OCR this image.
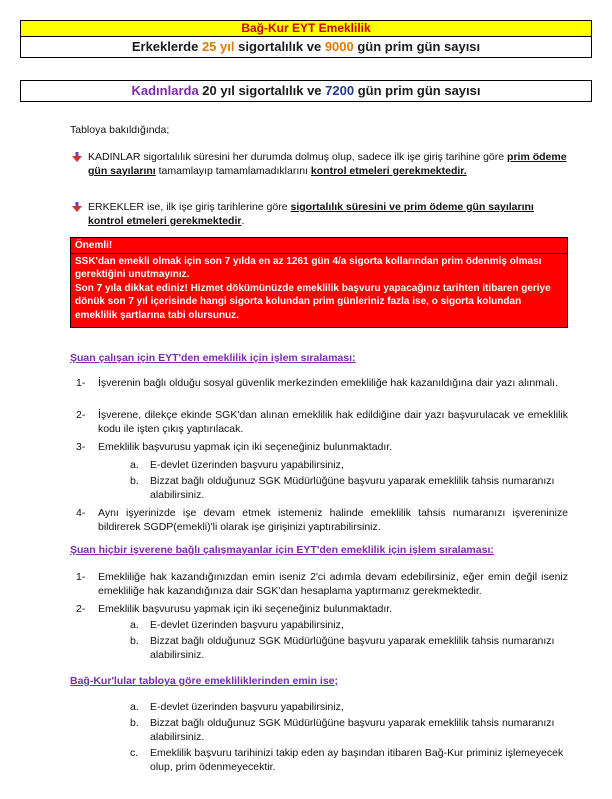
Bağ-Kur EYT Emeklilik
Erkeklerde 25 yıl sigortalılık ve 9000 gün prim gün sayısı
Kadınlarda 20 yıl sigortalılık ve 7200 gün prim gün sayısı
Tabloya bakıldığında;
KADINLAR sigortalılık süresini her durumda dolmuş olup, sadece ilk işe giriş tarihine göre prim ödeme gün sayılarını tamamlayıp tamamlamadıklarını kontrol etmeleri gerekmektedir.
ERKEKLER ise, ilk işe giriş tarihlerine göre sigortalılık süresini ve prim ödeme gün sayılarını kontrol etmeleri gerekmektedir.
Önemli!
SSK'dan emekli olmak için son 7 yılda en az 1261 gün 4/a sigorta kollarından prim ödenmiş olması gerektiğini unutmayınız.
Son 7 yıla dikkat ediniz! Hizmet dökümünüzde emeklilik başvuru yapacağınız tarihten itibaren geriye dönük son 7 yıl içerisinde hangi sigorta kolundan prim günleriniz fazla ise, o sigorta kolundan emeklilik şartlarına tabi olursunuz.
Şuan çalışan için EYT'den emeklilik için işlem sıralaması:
1- İşverenin bağlı olduğu sosyal güvenlik merkezinden emekliliğe hak kazanıldığına dair yazı alınmalı.
2- İşverene, dilekçe ekinde SGK'dan alınan emeklilik hak edildiğine dair yazı başvurulacak ve emeklilik kodu ile işten çıkış yaptırılacak.
3- Emeklilik başvurusu yapmak için iki seçeneğiniz bulunmaktadır.
a. E-devlet üzerinden başvuru yapabilirsiniz,
b. Bizzat bağlı olduğunuz SGK Müdürlüğüne başvuru yaparak emeklilik tahsis numaranızı alabilirsiniz.
4- Aynı işyerinizde işe devam etmek istemeniz halinde emeklilik tahsis numaranızı işvereninize bildirerek SGDP(emekli)'li olarak işe girişinizi yaptırabilirsiniz.
Şuan hiçbir işverene bağlı çalışmayanlar için EYT'den emeklilik için işlem sıralaması:
1- Emekliliğe hak kazandığınızdan emin iseniz 2'ci adımla devam edebilirsiniz, eğer emin değil iseniz emekliliğe hak kazandığınıza dair SGK'dan hesaplama yaptırmanız gerekmektedir.
2- Emeklilik başvurusu yapmak için iki seçeneğiniz bulunmaktadır.
a. E-devlet üzerinden başvuru yapabilirsiniz,
b. Bizzat bağlı olduğunuz SGK Müdürlüğüne başvuru yaparak emeklilik tahsis numaranızı alabilirsiniz.
Bağ-Kur'lular tabloya göre emekliliklerinden emin ise;
a. E-devlet üzerinden başvuru yapabilirsiniz,
b. Bizzat bağlı olduğunuz SGK Müdürlüğüne başvuru yaparak emeklilik tahsis numaranızı alabilirsiniz.
c. Emeklilik başvuru tarihinizi takip eden ay başından itibaren Bağ-Kur priminiz işlemeyecek olup, prim ödenmeyecektir.
